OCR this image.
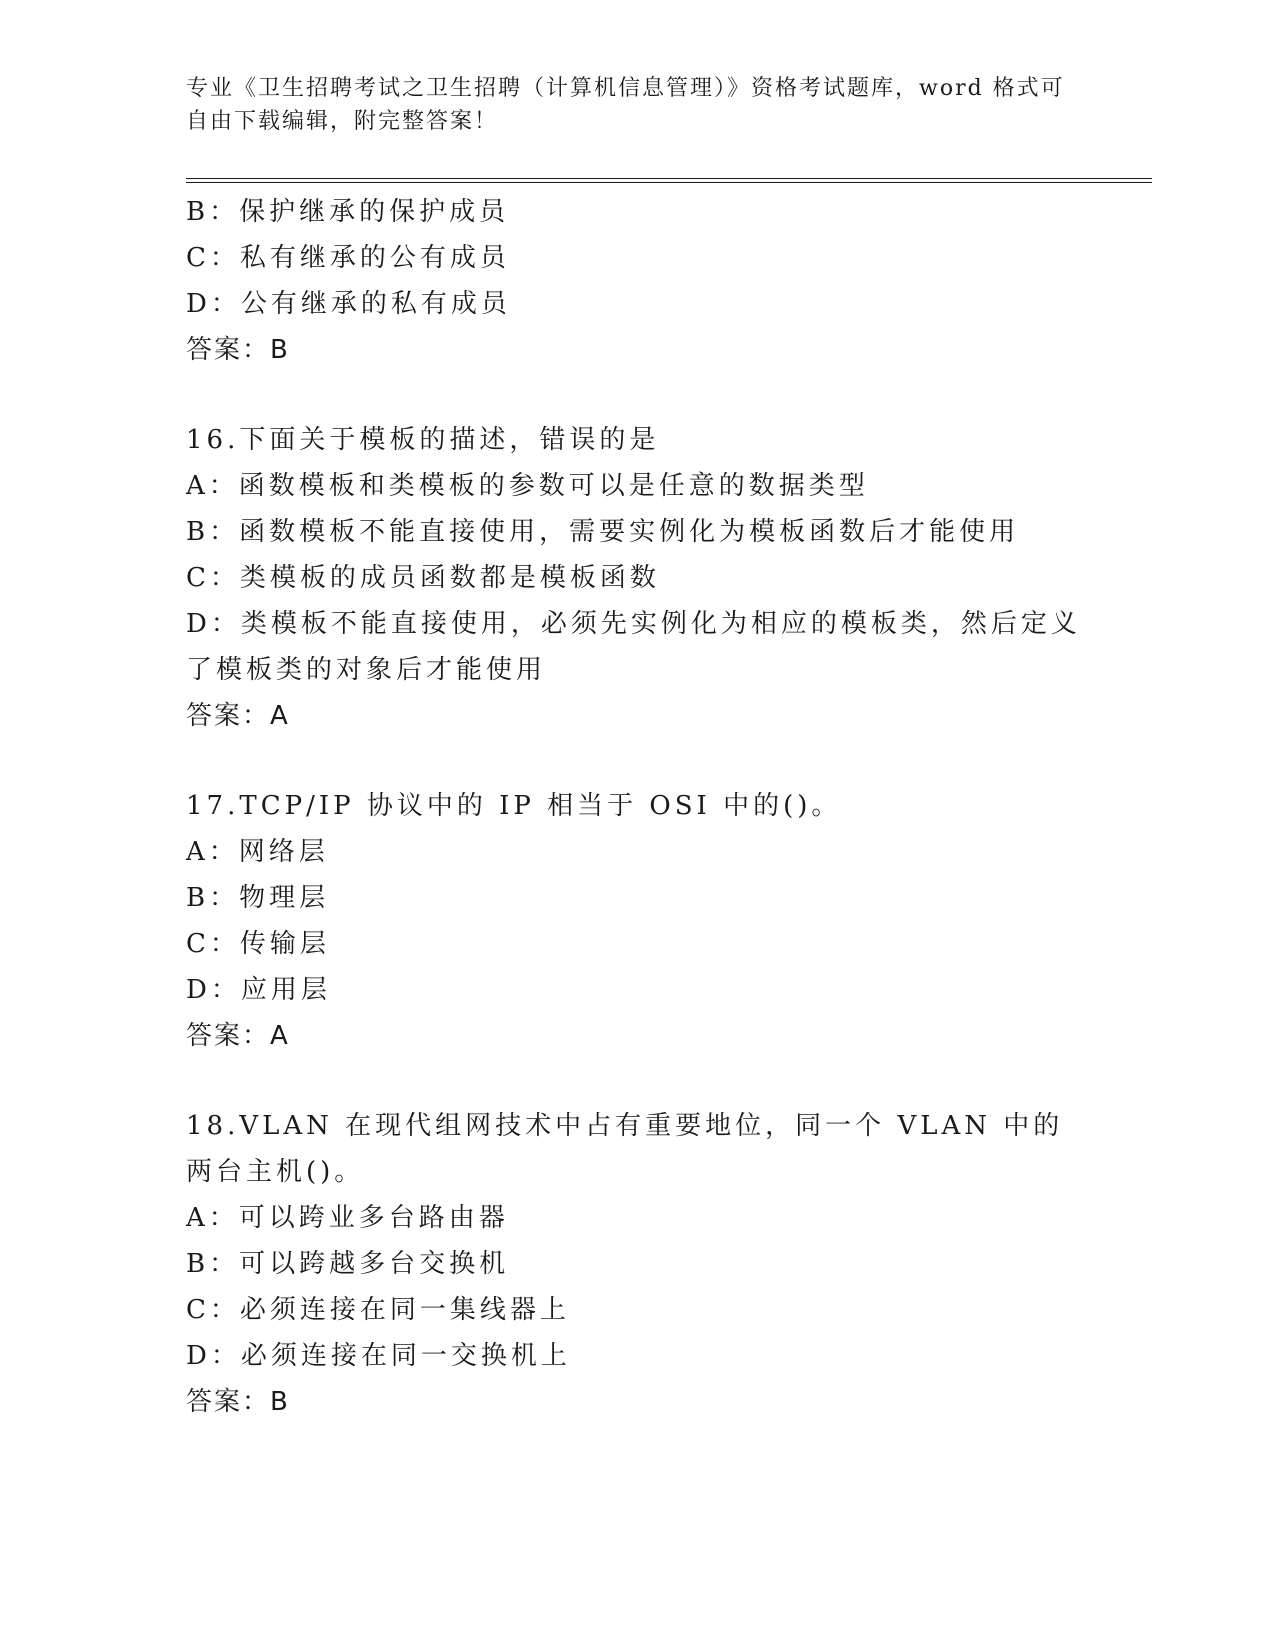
专业《卫生招聘考试之卫生招聘（计算机信息管理）》资格考试题库，word 格式可自由下载编辑，附完整答案！
B：保护继承的保护成员
C：私有继承的公有成员
D：公有继承的私有成员
答案：B
16.下面关于模板的描述，错误的是
A：函数模板和类模板的参数可以是任意的数据类型
B：函数模板不能直接使用，需要实例化为模板函数后才能使用
C：类模板的成员函数都是模板函数
D：类模板不能直接使用，必须先实例化为相应的模板类，然后定义了模板类的对象后才能使用
答案：A
17.TCP/IP 协议中的 IP 相当于 OSI 中的()。
A：网络层
B：物理层
C：传输层
D：应用层
答案：A
18.VLAN 在现代组网技术中占有重要地位，同一个 VLAN 中的两台主机()。
A：可以跨业多台路由器
B：可以跨越多台交换机
C：必须连接在同一集线器上
D：必须连接在同一交换机上
答案：B
